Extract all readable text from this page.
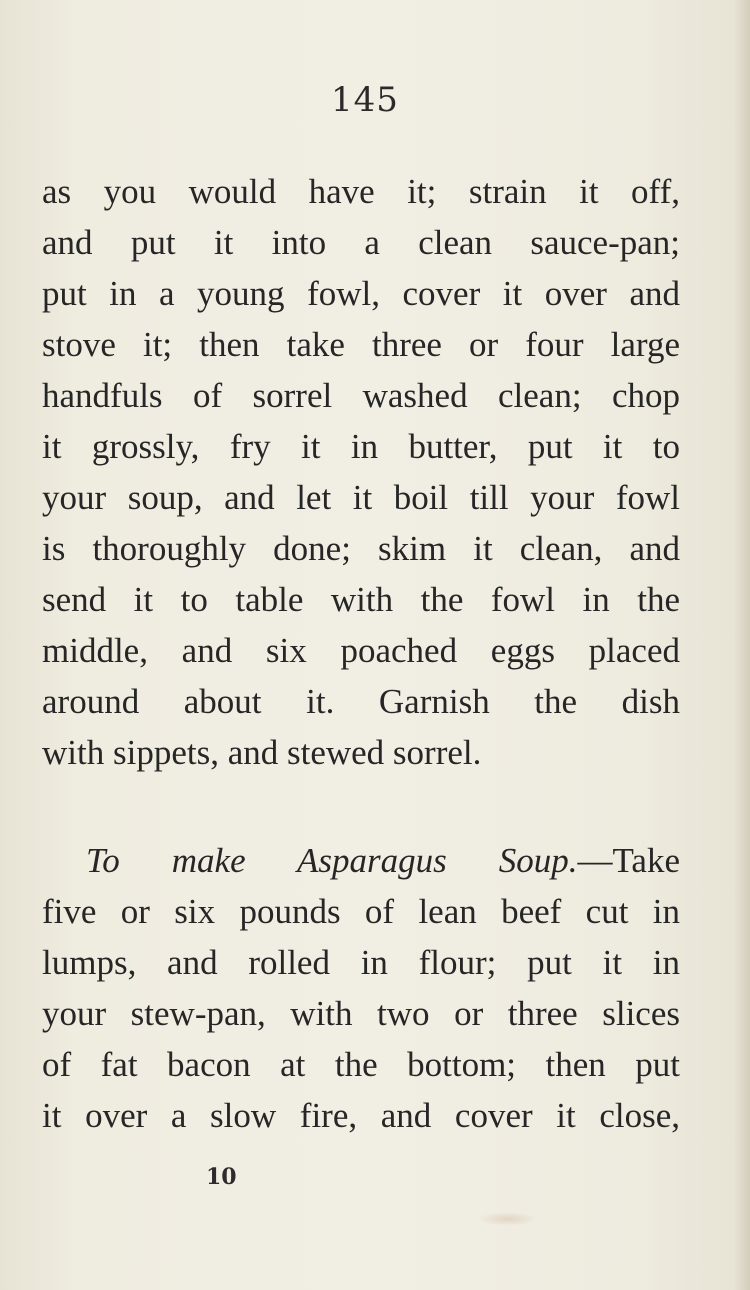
145
as you would have it; strain it off,
and put it into a clean sauce-pan;
put in a young fowl, cover it over and
stove it; then take three or four large
handfuls of sorrel washed clean; chop
it grossly, fry it in butter, put it to
your soup, and let it boil till your fowl
is thoroughly done; skim it clean, and
send it to table with the fowl in the
middle, and six poached eggs placed
around about it. Garnish the dish
with sippets, and stewed sorrel.
To make Asparagus Soup.—Take
five or six pounds of lean beef cut in
lumps, and rolled in flour; put it in
your stew-pan, with two or three slices
of fat bacon at the bottom; then put
it over a slow fire, and cover it close,
10
